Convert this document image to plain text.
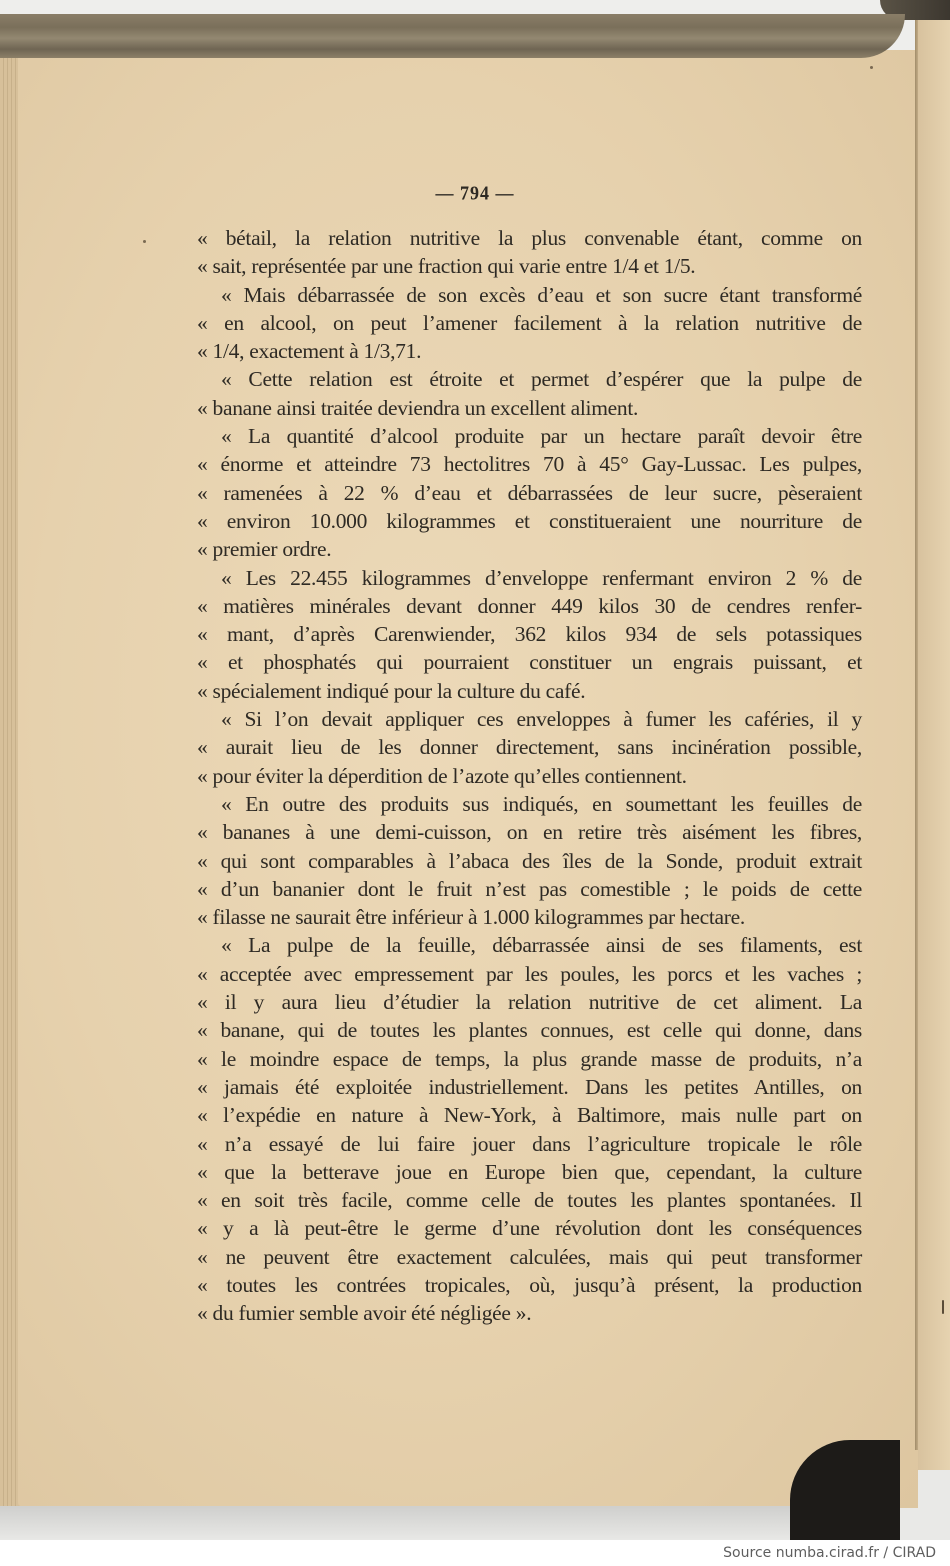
— 794 —
« bétail, la relation nutritive la plus convenable étant, comme on
« sait, représentée par une fraction qui varie entre 1/4 et 1/5.
« Mais débarrassée de son excès d’eau et son sucre étant transformé
« en alcool, on peut l’amener facilement à la relation nutritive de
« 1/4, exactement à 1/3,71.
« Cette relation est étroite et permet d’espérer que la pulpe de
« banane ainsi traitée deviendra un excellent aliment.
« La quantité d’alcool produite par un hectare paraît devoir être
« énorme et atteindre 73 hectolitres 70 à 45° Gay-Lussac. Les pulpes,
« ramenées à 22 % d’eau et débarrassées de leur sucre, pèseraient
« environ 10.000 kilogrammes et constitueraient une nourriture de
« premier ordre.
« Les 22.455 kilogrammes d’enveloppe renfermant environ 2 % de
« matières minérales devant donner 449 kilos 30 de cendres renfer-
« mant, d’après Carenwiender, 362 kilos 934 de sels potassiques
« et phosphatés qui pourraient constituer un engrais puissant, et
« spécialement indiqué pour la culture du café.
« Si l’on devait appliquer ces enveloppes à fumer les caféries, il y
« aurait lieu de les donner directement, sans incinération possible,
« pour éviter la déperdition de l’azote qu’elles contiennent.
« En outre des produits sus indiqués, en soumettant les feuilles de
« bananes à une demi-cuisson, on en retire très aisément les fibres,
« qui sont comparables à l’abaca des îles de la Sonde, produit extrait
« d’un bananier dont le fruit n’est pas comestible ; le poids de cette
« filasse ne saurait être inférieur à 1.000 kilogrammes par hectare.
« La pulpe de la feuille, débarrassée ainsi de ses filaments, est
« acceptée avec empressement par les poules, les porcs et les vaches ;
« il y aura lieu d’étudier la relation nutritive de cet aliment. La
« banane, qui de toutes les plantes connues, est celle qui donne, dans
« le moindre espace de temps, la plus grande masse de produits, n’a
« jamais été exploitée industriellement. Dans les petites Antilles, on
« l’expédie en nature à New-York, à Baltimore, mais nulle part on
« n’a essayé de lui faire jouer dans l’agriculture tropicale le rôle
« que la betterave joue en Europe bien que, cependant, la culture
« en soit très facile, comme celle de toutes les plantes spontanées. Il
« y a là peut-être le germe d’une révolution dont les conséquences
« ne peuvent être exactement calculées, mais qui peut transformer
« toutes les contrées tropicales, où, jusqu’à présent, la production
« du fumier semble avoir été négligée ».
Source numba.cirad.fr / CIRAD
